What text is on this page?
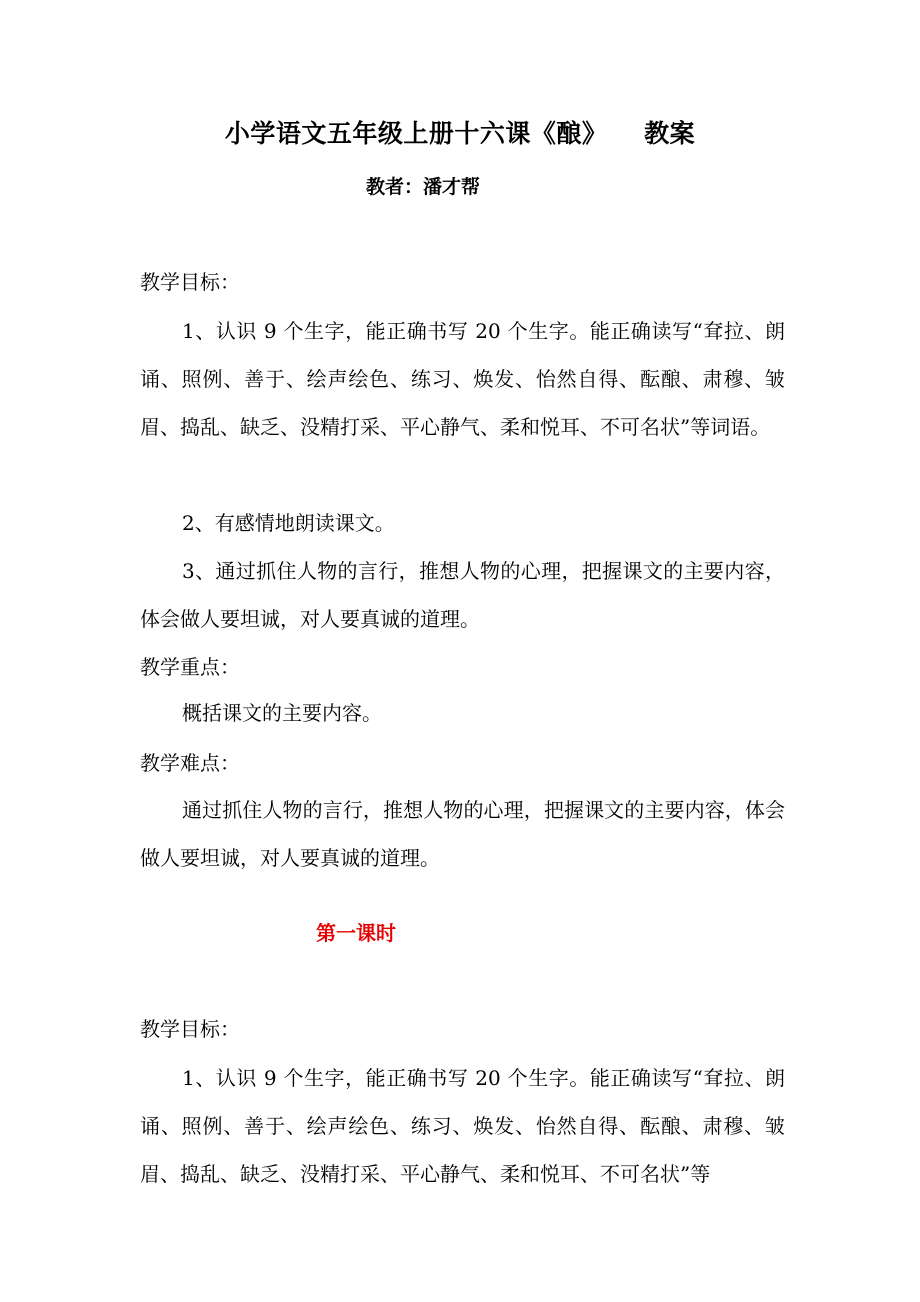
小学语文五年级上册十六课《酿》    教案
教者：潘才帮
教学目标：
1、认识 9 个生字，能正确书写 20 个生字。能正确读写“耷拉、朗诵、照例、善于、绘声绘色、练习、焕发、怡然自得、酝酿、肃穆、皱眉、捣乱、缺乏、没精打采、平心静气、柔和悦耳、不可名状”等词语。
2、有感情地朗读课文。
3、通过抓住人物的言行，推想人物的心理，把握课文的主要内容，体会做人要坦诚，对人要真诚的道理。
教学重点：
概括课文的主要内容。
教学难点：
通过抓住人物的言行，推想人物的心理，把握课文的主要内容，体会做人要坦诚，对人要真诚的道理。
第一课时
教学目标：
1、认识 9 个生字，能正确书写 20 个生字。能正确读写“耷拉、朗诵、照例、善于、绘声绘色、练习、焕发、怡然自得、酝酿、肃穆、皱眉、捣乱、缺乏、没精打采、平心静气、柔和悦耳、不可名状”等
